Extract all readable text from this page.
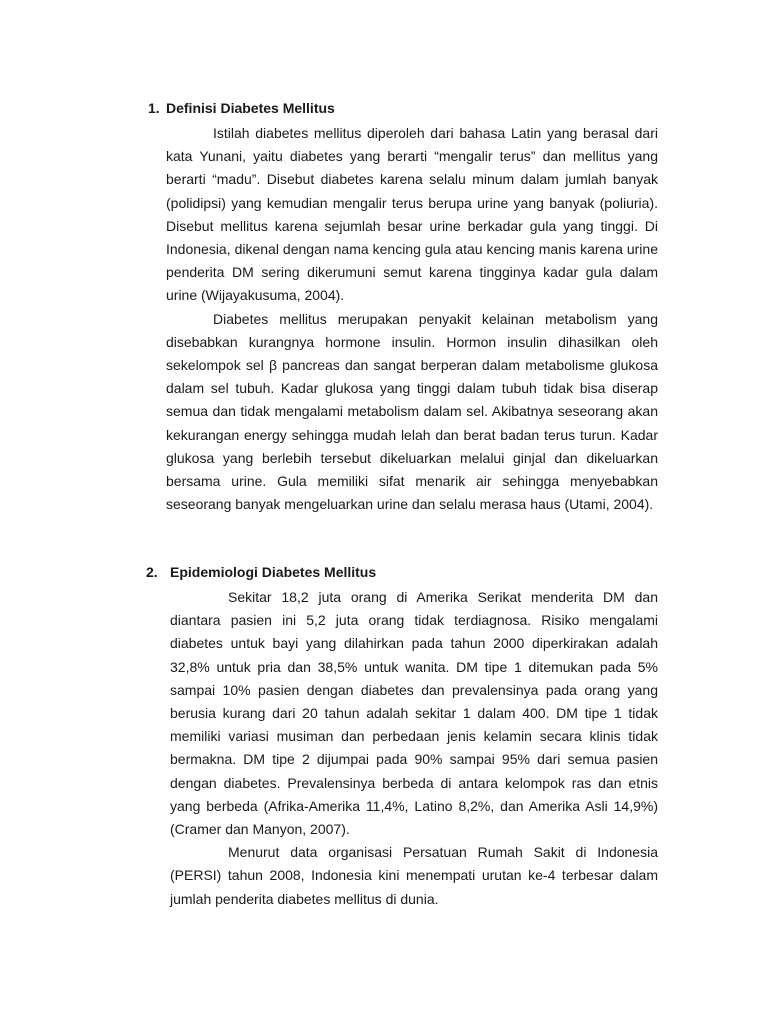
1. Definisi Diabetes Mellitus

Istilah diabetes mellitus diperoleh dari bahasa Latin yang berasal dari kata Yunani, yaitu diabetes yang berarti “mengalir terus” dan mellitus yang berarti “madu”. Disebut diabetes karena selalu minum dalam jumlah banyak (polidipsi) yang kemudian mengalir terus berupa urine yang banyak (poliuria). Disebut mellitus karena sejumlah besar urine berkadar gula yang tinggi. Di Indonesia, dikenal dengan nama kencing gula atau kencing manis karena urine penderita DM sering dikerumuni semut karena tingginya kadar gula dalam urine (Wijayakusuma, 2004).

Diabetes mellitus merupakan penyakit kelainan metabolism yang disebabkan kurangnya hormone insulin. Hormon insulin dihasilkan oleh sekelompok sel β pancreas dan sangat berperan dalam metabolisme glukosa dalam sel tubuh. Kadar glukosa yang tinggi dalam tubuh tidak bisa diserap semua dan tidak mengalami metabolism dalam sel. Akibatnya seseorang akan kekurangan energy sehingga mudah lelah dan berat badan terus turun. Kadar glukosa yang berlebih tersebut dikeluarkan melalui ginjal dan dikeluarkan bersama urine. Gula memiliki sifat menarik air sehingga menyebabkan seseorang banyak mengeluarkan urine dan selalu merasa haus (Utami, 2004).

2. Epidemiologi Diabetes Mellitus

Sekitar 18,2 juta orang di Amerika Serikat menderita DM dan diantara pasien ini 5,2 juta orang tidak terdiagnosa. Risiko mengalami diabetes untuk bayi yang dilahirkan pada tahun 2000 diperkirakan adalah 32,8% untuk pria dan 38,5% untuk wanita. DM tipe 1 ditemukan pada 5% sampai 10% pasien dengan diabetes dan prevalensinya pada orang yang berusia kurang dari 20 tahun adalah sekitar 1 dalam 400. DM tipe 1 tidak memiliki variasi musiman dan perbedaan jenis kelamin secara klinis tidak bermakna. DM tipe 2 dijumpai pada 90% sampai 95% dari semua pasien dengan diabetes. Prevalensinya berbeda di antara kelompok ras dan etnis yang berbeda (Afrika-Amerika 11,4%, Latino 8,2%, dan Amerika Asli 14,9%) (Cramer dan Manyon, 2007).

Menurut data organisasi Persatuan Rumah Sakit di Indonesia (PERSI) tahun 2008, Indonesia kini menempati urutan ke-4 terbesar dalam jumlah penderita diabetes mellitus di dunia.
